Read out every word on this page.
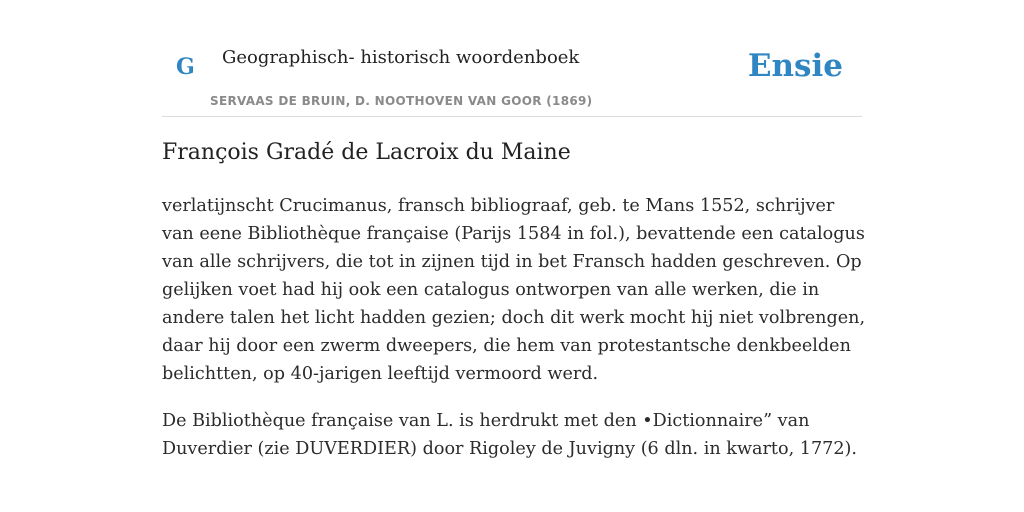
G Geographisch- historisch woordenboek
SERVAAS DE BRUIN, D. NOOTHOVEN VAN GOOR (1869)
Ensie
François Gradé de Lacroix du Maine

verlatijnscht Crucimanus, fransch bibliograaf, geb. te Mans 1552, schrijver van eene Bibliothèque française (Parijs 1584 in fol.), bevattende een catalogus van alle schrijvers, die tot in zijnen tijd in bet Fransch hadden geschreven. Op gelijken voet had hij ook een catalogus ontworpen van alle werken, die in andere talen het licht hadden gezien; doch dit werk mocht hij niet volbrengen, daar hij door een zwerm dweepers, die hem van protestantsche denkbeelden belichtten, op 40-jarigen leeftijd vermoord werd.

De Bibliothèque française van L. is herdrukt met den •Dictionnaire” van Duverdier (zie DUVERDIER) door Rigoley de Juvigny (6 dln. in kwarto, 1772).
